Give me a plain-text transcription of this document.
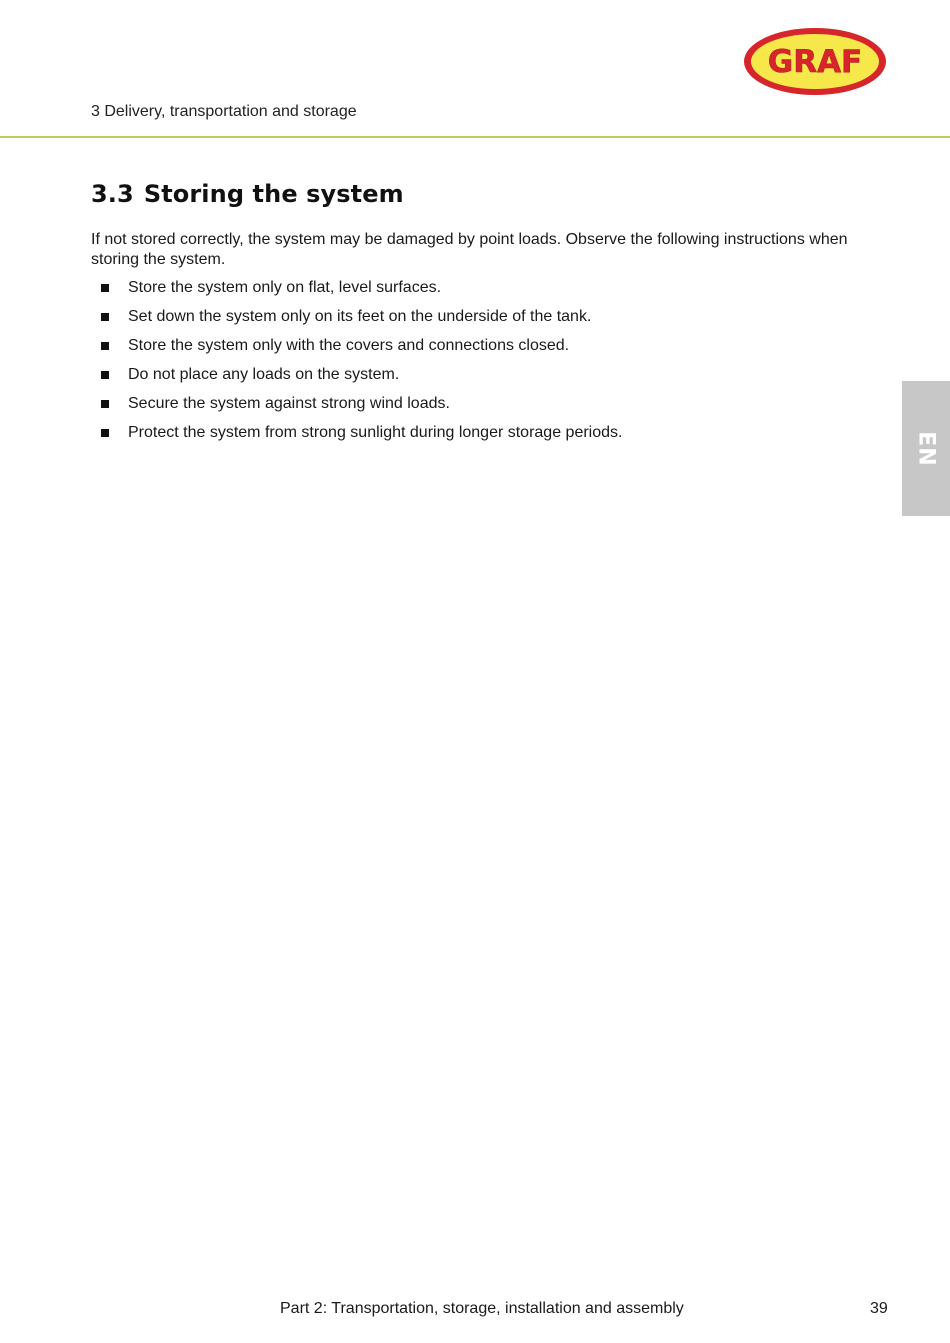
GRAF
3 Delivery, transportation and storage
3.3 Storing the system

If not stored correctly, the system may be damaged by point loads. Observe the following instructions when storing the system.

Store the system only on flat, level surfaces.
Set down the system only on its feet on the underside of the tank.
Store the system only with the covers and connections closed.
Do not place any loads on the system.
Secure the system against strong wind loads.
Protect the system from strong sunlight during longer storage periods.	EN
Part 2: Transportation, storage, installation and assembly	39
